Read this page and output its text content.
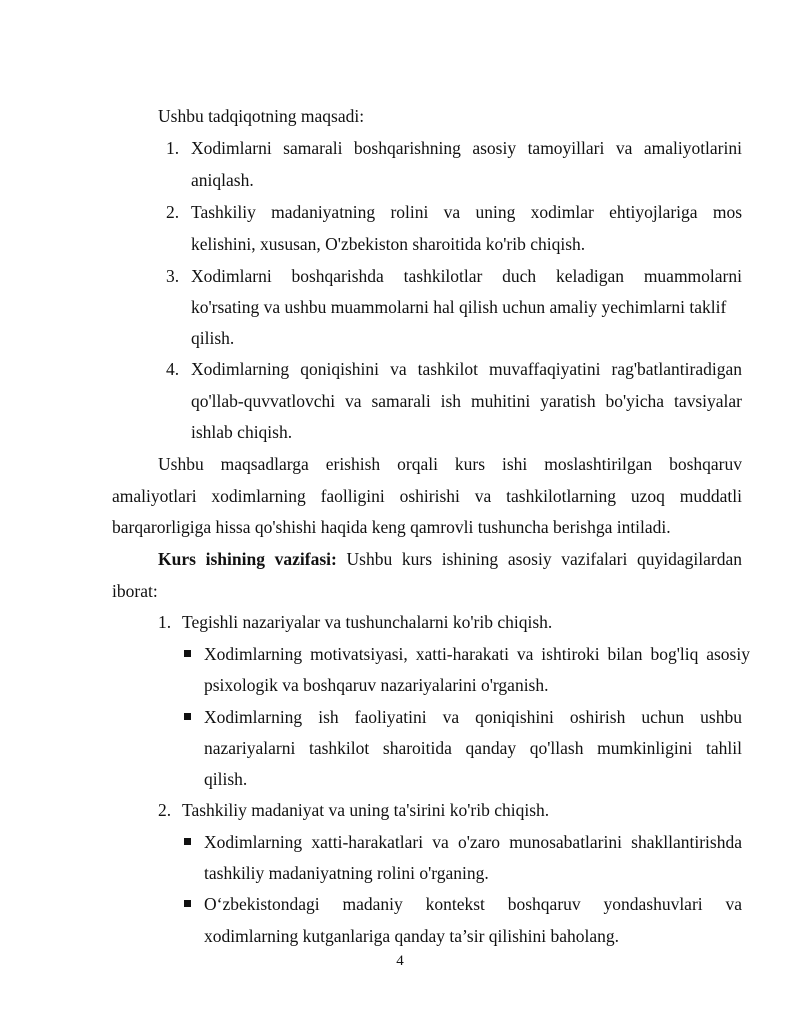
Ushbu tadqiqotning maqsadi:
1. Xodimlarni samarali boshqarishning asosiy tamoyillari va amaliyotlarini
aniqlash.
2. Tashkiliy madaniyatning rolini va uning xodimlar ehtiyojlariga mos
kelishini, xususan, O'zbekiston sharoitida ko'rib chiqish.
3. Xodimlarni boshqarishda tashkilotlar duch keladigan muammolarni
ko'rsating va ushbu muammolarni hal qilish uchun amaliy yechimlarni taklif
qilish.
4. Xodimlarning qoniqishini va tashkilot muvaffaqiyatini rag'batlantiradigan
qo'llab-quvvatlovchi va samarali ish muhitini yaratish bo'yicha tavsiyalar
ishlab chiqish.
Ushbu maqsadlarga erishish orqali kurs ishi moslashtirilgan boshqaruv
amaliyotlari xodimlarning faolligini oshirishi va tashkilotlarning uzoq muddatli
barqarorligiga hissa qo'shishi haqida keng qamrovli tushuncha berishga intiladi.
Kurs ishining vazifasi: Ushbu kurs ishining asosiy vazifalari quyidagilardan
iborat:
1. Tegishli nazariyalar va tushunchalarni ko'rib chiqish.
Xodimlarning motivatsiyasi, xatti-harakati va ishtiroki bilan bog'liq asosiy
psixologik va boshqaruv nazariyalarini o'rganish.
Xodimlarning ish faoliyatini va qoniqishini oshirish uchun ushbu
nazariyalarni tashkilot sharoitida qanday qo'llash mumkinligini tahlil
qilish.
2. Tashkiliy madaniyat va uning ta'sirini ko'rib chiqish.
Xodimlarning xatti-harakatlari va o'zaro munosabatlarini shakllantirishda
tashkiliy madaniyatning rolini o'rganing.
O‘zbekistondagi madaniy kontekst boshqaruv yondashuvlari va
xodimlarning kutganlariga qanday ta’sir qilishini baholang.
4
